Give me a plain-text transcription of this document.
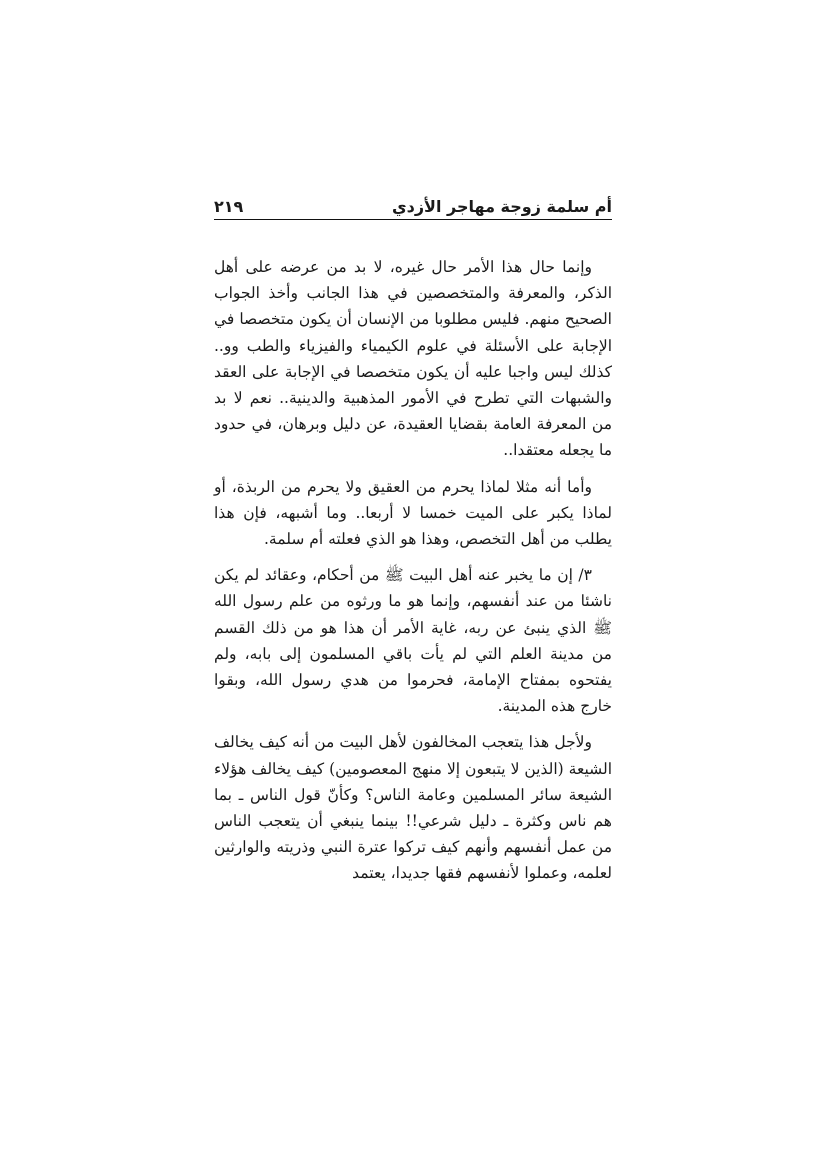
أم سلمة زوجة مهاجر الأزدي
٢١٩

وإنما حال هذا الأمر حال غيره، لا بد من عرضه على أهل الذكر، والمعرفة والمتخصصين في هذا الجانب وأخذ الجواب الصحيح منهم. فليس مطلوبا من الإنسان أن يكون متخصصا في الإجابة على الأسئلة في علوم الكيمياء والفيزياء والطب وو.. كذلك ليس واجبا عليه أن يكون متخصصا في الإجابة على العقد والشبهات التي تطرح في الأمور المذهبية والدينية.. نعم لا بد من المعرفة العامة بقضايا العقيدة، عن دليل وبرهان، في حدود ما يجعله معتقدا..

وأما أنه مثلا لماذا يحرم من العقيق ولا يحرم من الربذة، أو لماذا يكبر على الميت خمسا لا أربعا.. وما أشبهه، فإن هذا يطلب من أهل التخصص، وهذا هو الذي فعلته أم سلمة.

٣/ إن ما يخبر عنه أهل البيت ﷺ من أحكام، وعقائد لم يكن ناشئا من عند أنفسهم، وإنما هو ما ورثوه من علم رسول الله ﷺ الذي ينبئ عن ربه، غاية الأمر أن هذا هو من ذلك القسم من مدينة العلم التي لم يأت باقي المسلمون إلى بابه، ولم يفتحوه بمفتاح الإمامة، فحرموا من هدي رسول الله، وبقوا خارج هذه المدينة.

ولأجل هذا يتعجب المخالفون لأهل البيت من أنه كيف يخالف الشيعة (الذين لا يتبعون إلا منهج المعصومين) كيف يخالف هؤلاء الشيعة سائر المسلمين وعامة الناس؟ وكأنّ قول الناس ـ بما هم ناس وكثرة ـ دليل شرعي!! بينما ينبغي أن يتعجب الناس من عمل أنفسهم وأنهم كيف تركوا عترة النبي وذريته والوارثين لعلمه، وعملوا لأنفسهم فقها جديدا، يعتمد
